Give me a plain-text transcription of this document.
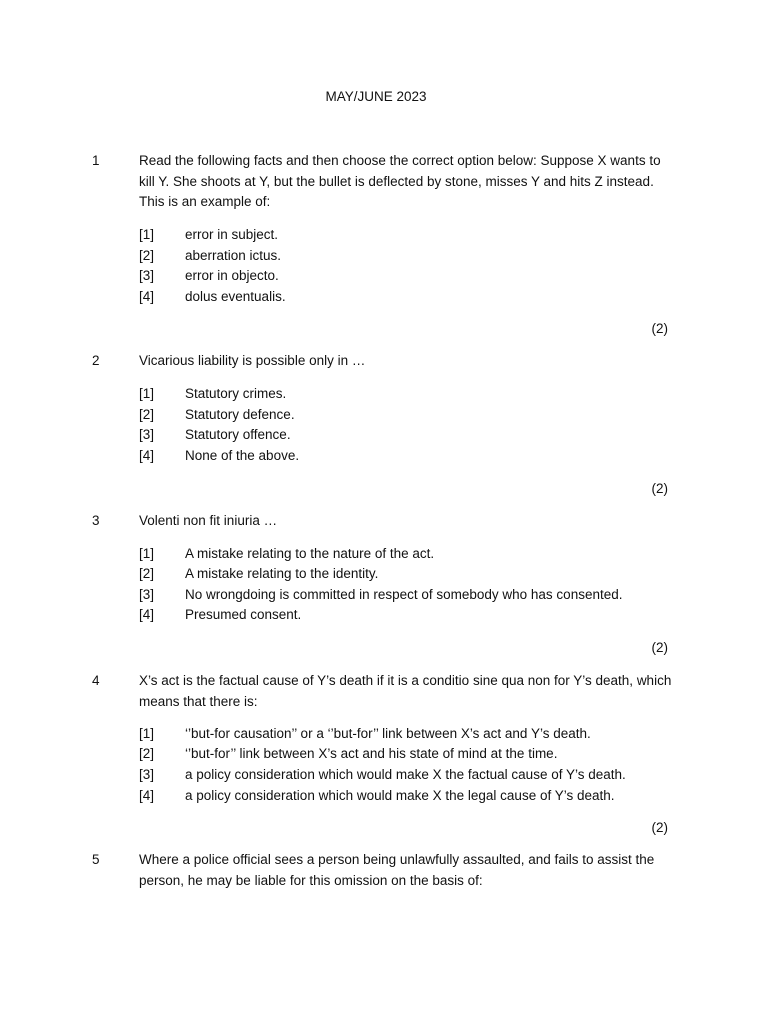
MAY/JUNE 2023
1	Read the following facts and then choose the correct option below: Suppose X wants to kill Y. She shoots at Y, but the bullet is deflected by stone, misses Y and hits Z instead. This is an example of:
[1] error in subject.
[2] aberration ictus.
[3] error in objecto.
[4] dolus eventualis.
(2)
2	Vicarious liability is possible only in …
[1] Statutory crimes.
[2] Statutory defence.
[3] Statutory offence.
[4] None of the above.
(2)
3	Volenti non fit iniuria …
[1] A mistake relating to the nature of the act.
[2] A mistake relating to the identity.
[3] No wrongdoing is committed in respect of somebody who has consented.
[4] Presumed consent.
(2)
4	X’s act is the factual cause of Y’s death if it is a conditio sine qua non for Y’s death, which means that there is:
[1] ‘’but-for causation’’ or a ‘’but-for’’ link between X’s act and Y’s death.
[2] ‘’but-for’’ link between X’s act and his state of mind at the time.
[3] a policy consideration which would make X the factual cause of Y’s death.
[4] a policy consideration which would make X the legal cause of Y’s death.
(2)
5	Where a police official sees a person being unlawfully assaulted, and fails to assist the person, he may be liable for this omission on the basis of:
